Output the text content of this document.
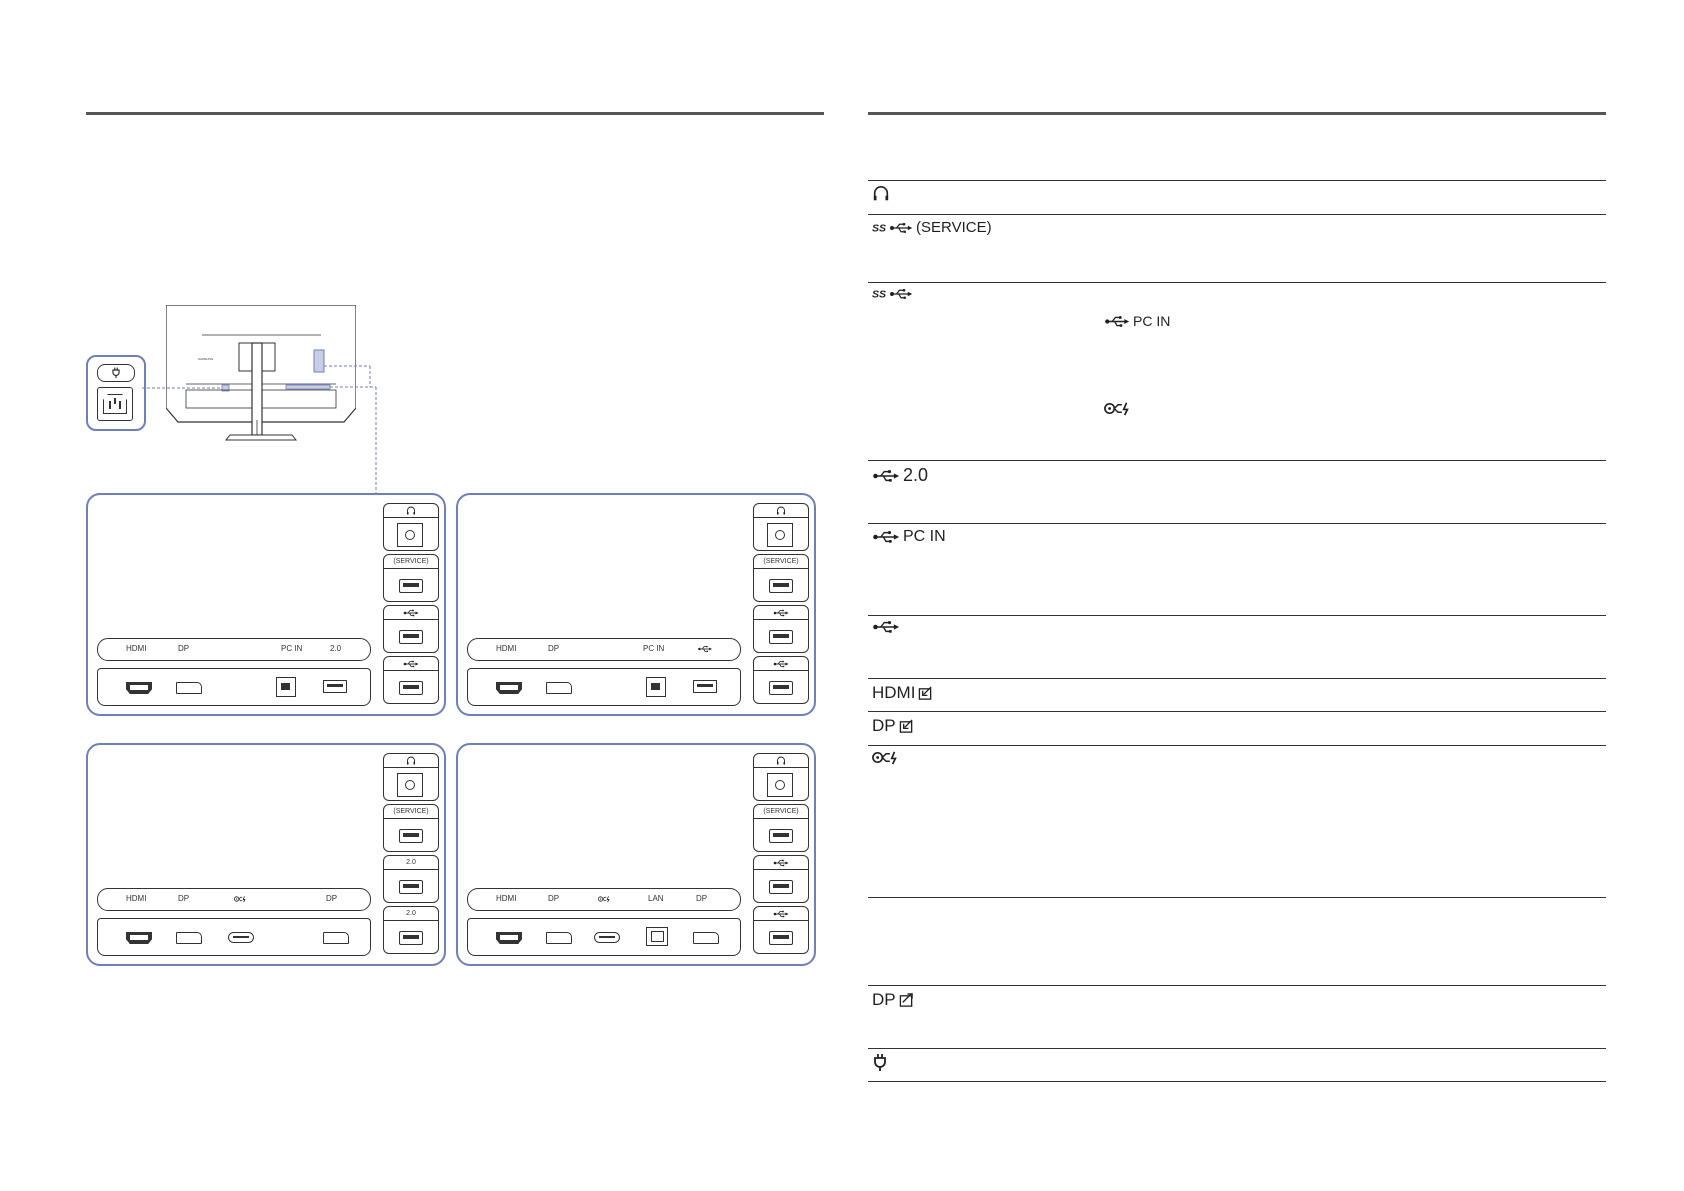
SAMSUNG
(SERVICE)
HDMI	DP	PC IN	2.0
(SERVICE)
HDMI	DP	PC IN
(SERVICE)
2.0
2.0
HDMI	DP	DP
(SERVICE)
HDMI	DP	LAN	DP
(SERVICE)
PC IN
2.0
PC IN
HDMI
DP
DP
